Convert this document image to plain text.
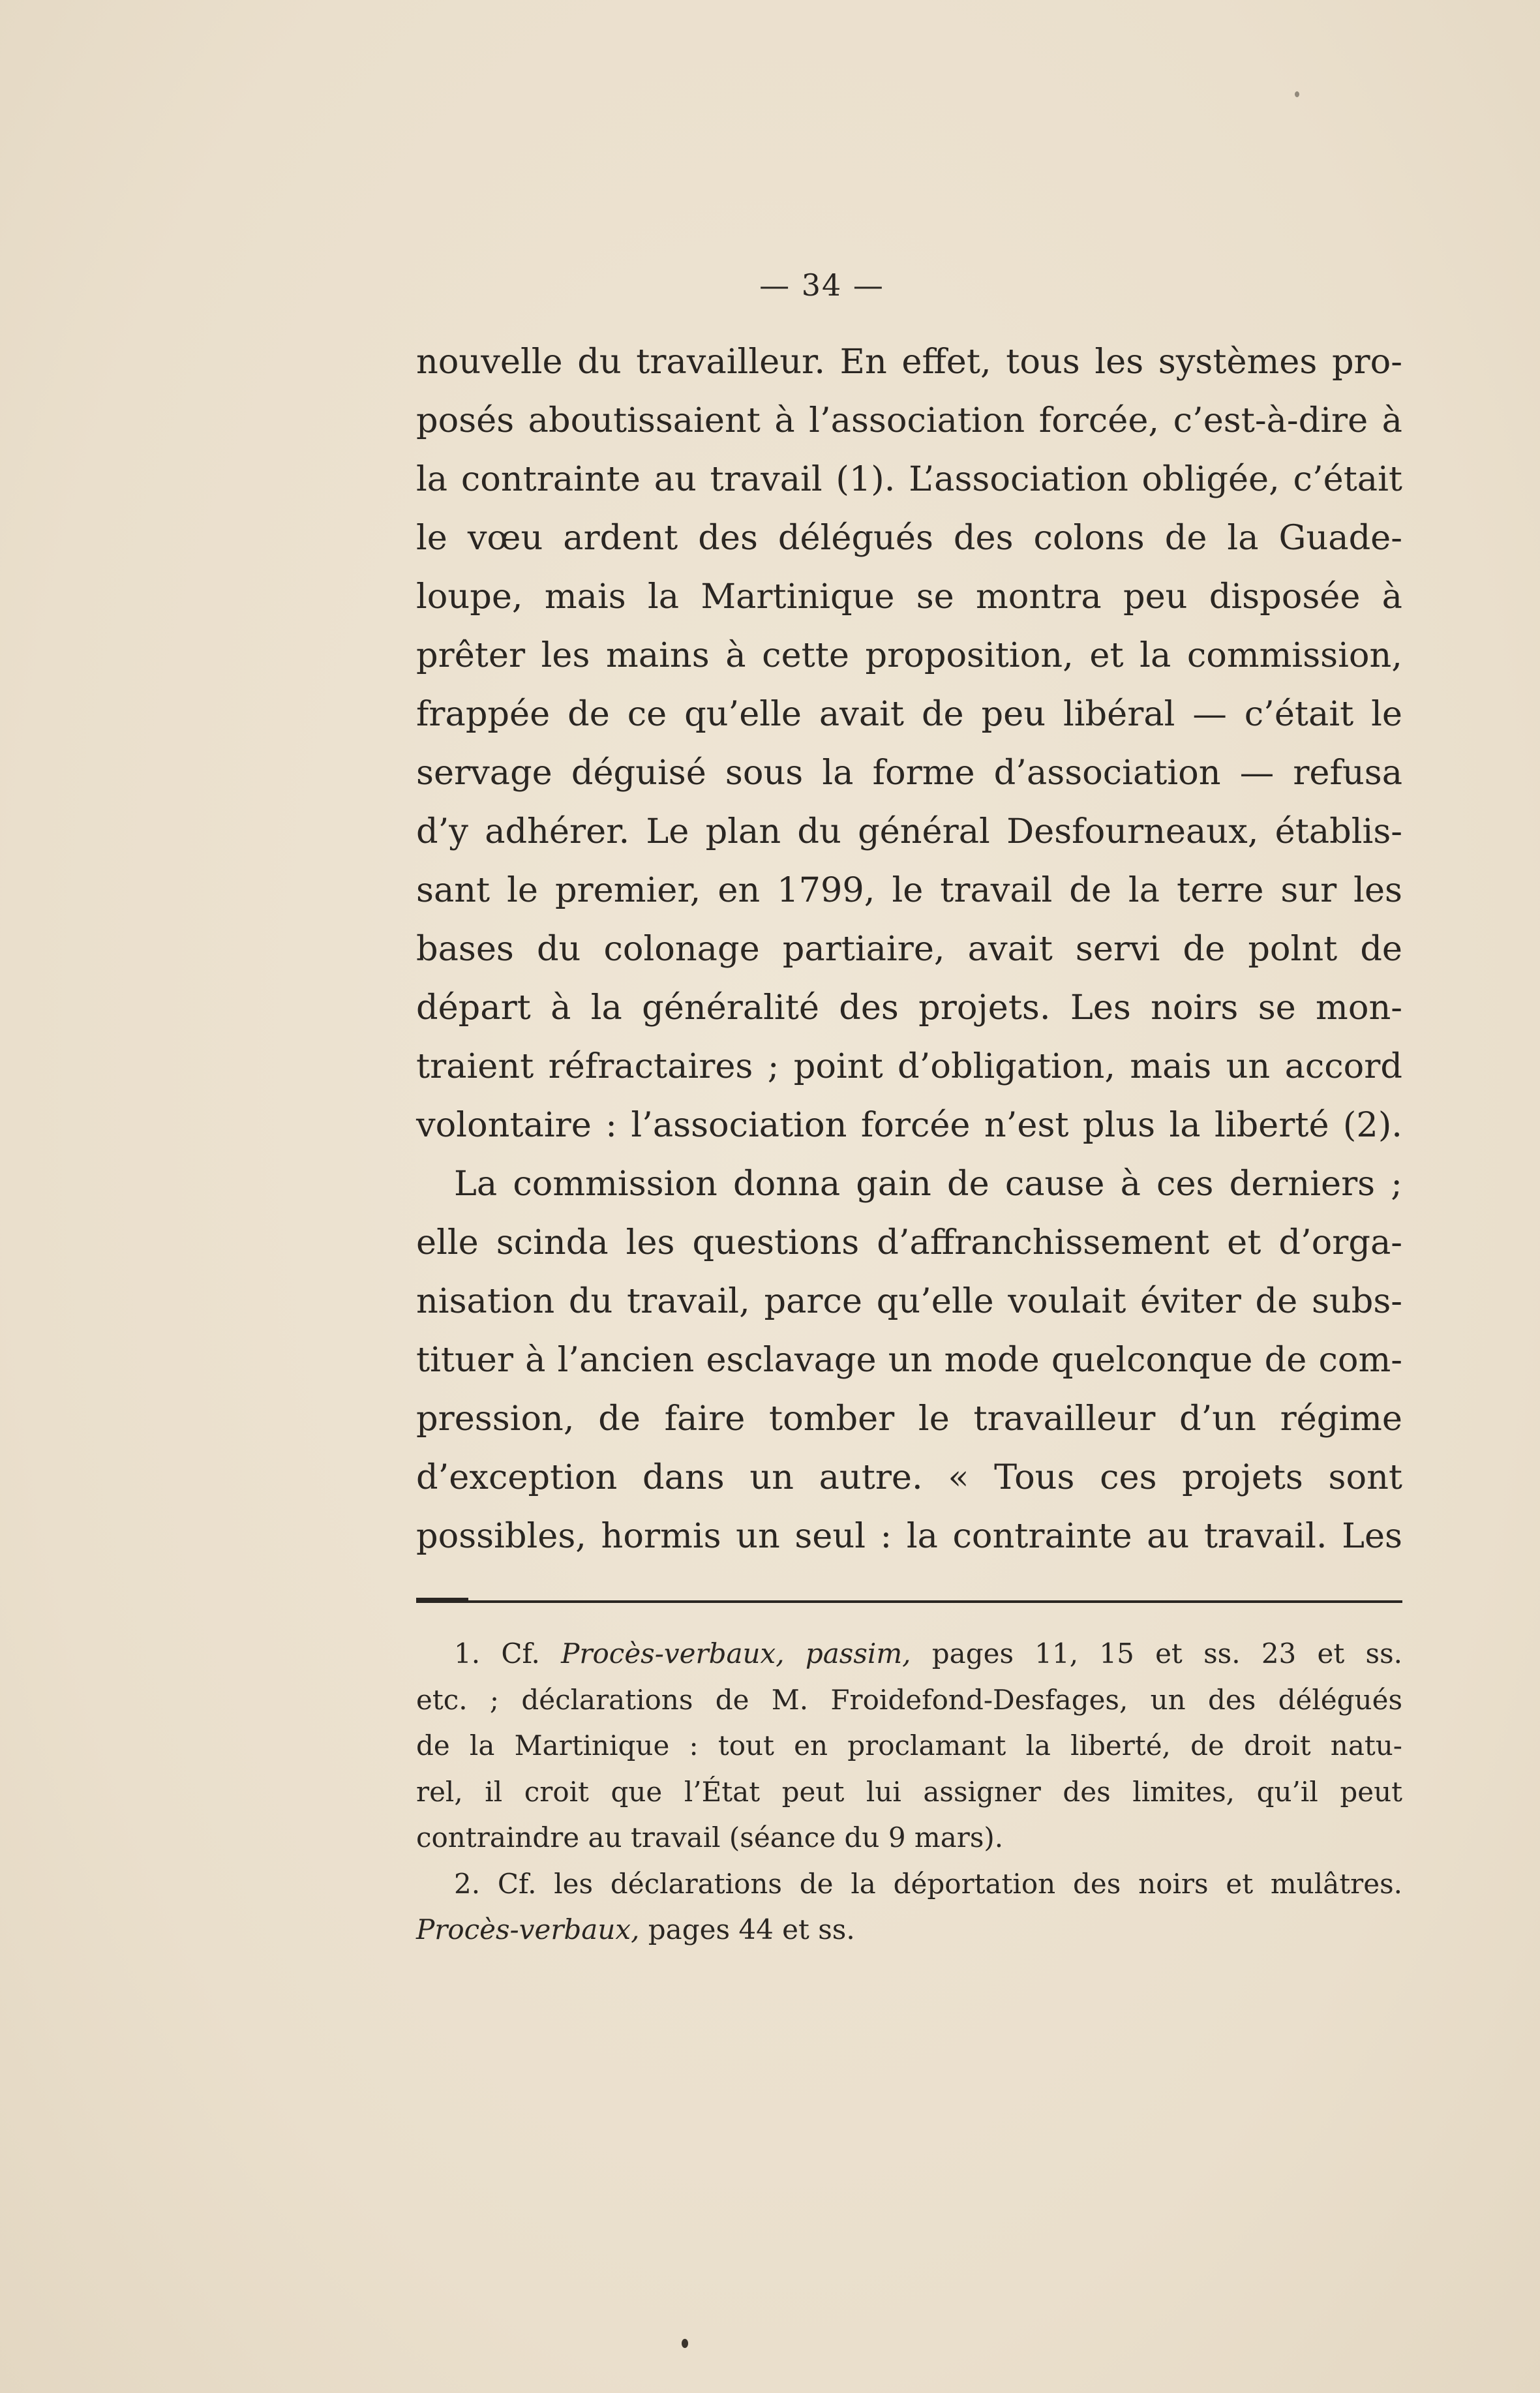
— 34 —
nouvelle du travailleur. En effet, tous les systèmes pro-
posés aboutissaient à l’association forcée, c’est-à-dire à
la contrainte au travail (1). L’association obligée, c’était
le vœu ardent des délégués des colons de la Guade-
loupe, mais la Martinique se montra peu disposée à
prêter les mains à cette proposition, et la commission,
frappée de ce qu’elle avait de peu libéral — c’était le
servage déguisé sous la forme d’association — refusa
d’y adhérer. Le plan du général Desfourneaux, établis-
sant le premier, en 1799, le travail de la terre sur les
bases du colonage partiaire, avait servi de polnt de
départ à la généralité des projets. Les noirs se mon-
traient réfractaires ; point d’obligation, mais un accord
volontaire : l’association forcée n’est plus la liberté (2).
La commission donna gain de cause à ces derniers ;
elle scinda les questions d’affranchissement et d’orga-
nisation du travail, parce qu’elle voulait éviter de subs-
tituer à l’ancien esclavage un mode quelconque de com-
pression, de faire tomber le travailleur d’un régime
d’exception dans un autre. « Tous ces projets sont
possibles, hormis un seul : la contrainte au travail. Les
1. Cf. Procès-verbaux, passim, pages 11, 15 et ss. 23 et ss.
etc. ; déclarations de M. Froidefond-Desfages, un des délégués
de la Martinique : tout en proclamant la liberté, de droit natu-
rel, il croit que l’État peut lui assigner des limites, qu’il peut
contraindre au travail (séance du 9 mars).
2. Cf. les déclarations de la déportation des noirs et mulâtres.
Procès-verbaux, pages 44 et ss.
